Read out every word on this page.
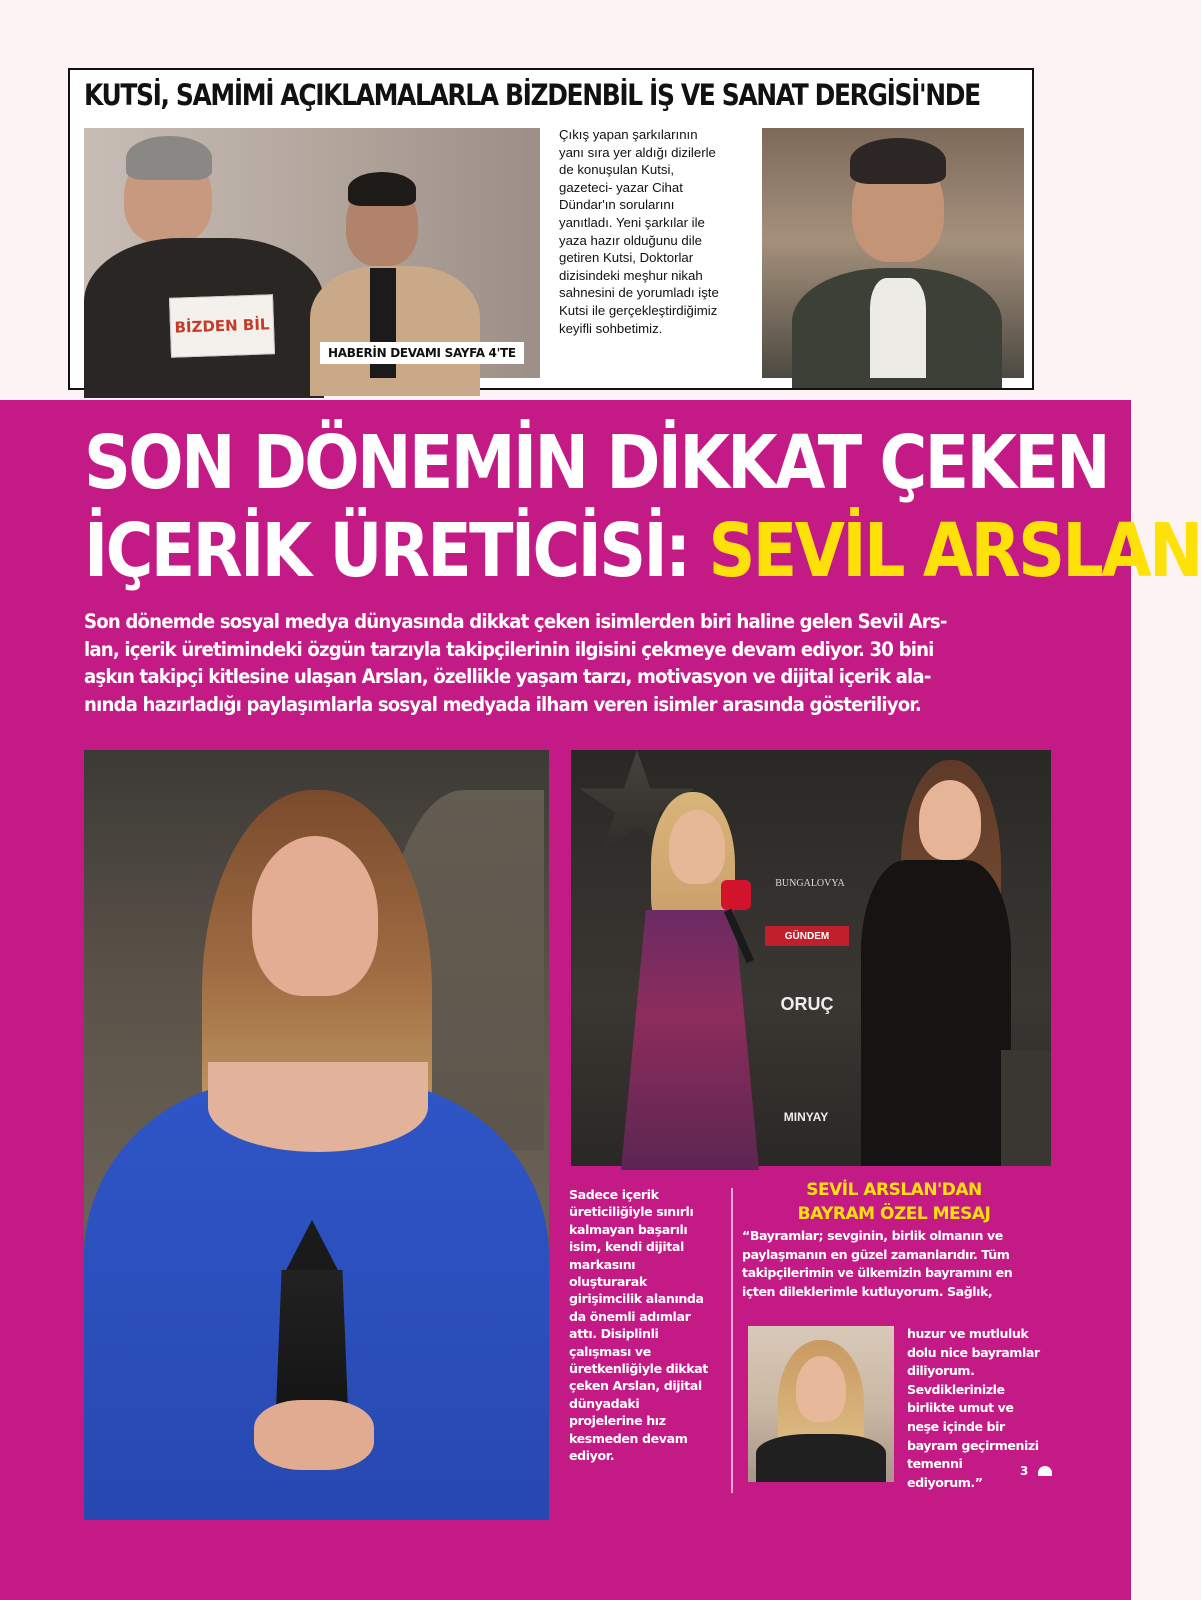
KUTSİ, SAMİMİ AÇIKLAMALARLA BİZDENBİL İŞ VE SANAT DERGİSİ'NDE
BİZDEN BİL
HABERİN DEVAMI SAYFA 4'TE
Çıkış yapan şarkılarının
yanı sıra yer aldığı dizilerle
de konuşulan Kutsi,
gazeteci- yazar Cihat
Dündar'ın sorularını
yanıtladı. Yeni şarkılar ile
yaza hazır olduğunu dile
getiren Kutsi, Doktorlar
dizisindeki meşhur nikah
sahnesini de yorumladı işte
Kutsi ile gerçekleştirdiğimiz
keyifli sohbetimiz.
SON DÖNEMİN DİKKAT ÇEKEN
İÇERİK ÜRETİCİSİ: SEVİL ARSLAN
Son dönemde sosyal medya dünyasında dikkat çeken isimlerden biri haline gelen Sevil Ars-
lan, içerik üretimindeki özgün tarzıyla takipçilerinin ilgisini çekmeye devam ediyor. 30 bini
aşkın takipçi kitlesine ulaşan Arslan, özellikle yaşam tarzı, motivasyon ve dijital içerik ala-
nında hazırladığı paylaşımlarla sosyal medyada ilham veren isimler arasında gösteriliyor.
BUNGALOVYA
GÜNDEM
ORUÇ
MINYAY
Sadece içerik
üreticiliğiyle sınırlı
kalmayan başarılı
isim, kendi dijital
markasını
oluşturarak
girişimcilik alanında
da önemli adımlar
attı. Disiplinli
çalışması ve
üretkenliğiyle dikkat
çeken Arslan, dijital
dünyadaki
projelerine hız
kesmeden devam
ediyor.
SEVİL ARSLAN'DAN
BAYRAM ÖZEL MESAJ
“Bayramlar; sevginin, birlik olmanın ve
paylaşmanın en güzel zamanlarıdır. Tüm
takipçilerimin ve ülkemizin bayramını en
içten dileklerimle kutluyorum. Sağlık,
huzur ve mutluluk
dolu nice bayramlar
diliyorum.
Sevdiklerinizle
birlikte umut ve
neşe içinde bir
bayram geçirmenizi
temenni
ediyorum.”
3
